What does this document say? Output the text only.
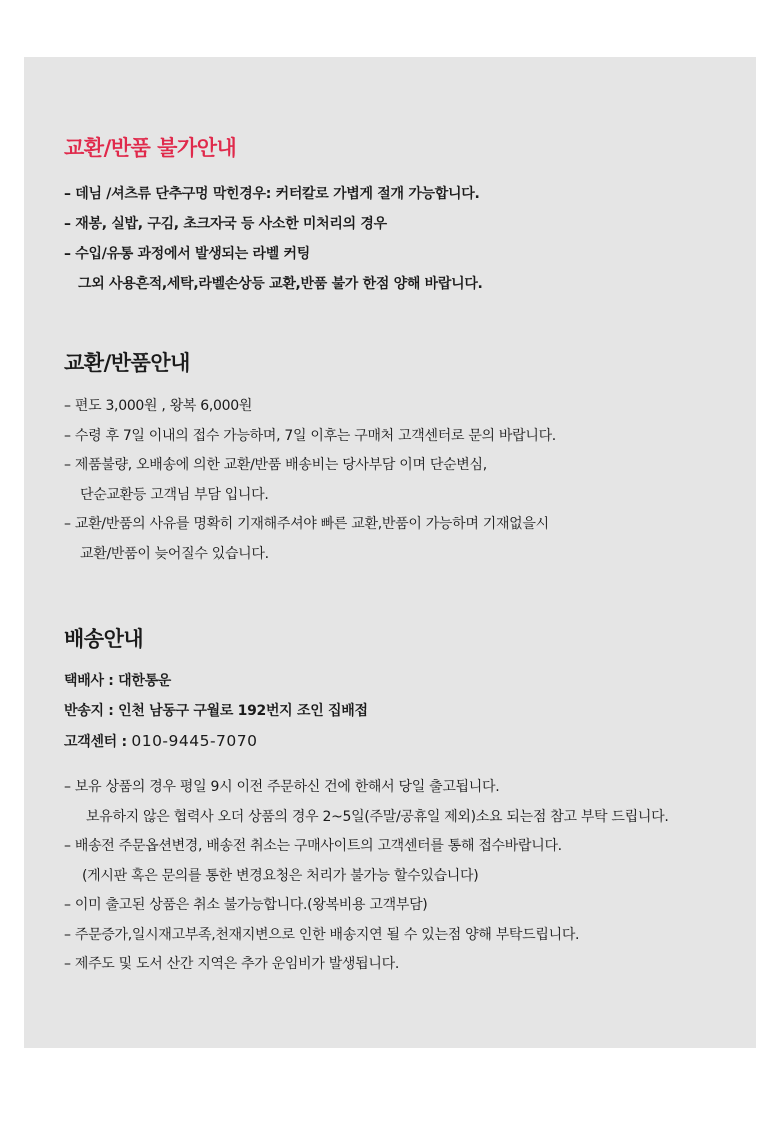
교환/반품 불가안내
– 데님 /셔츠류 단추구멍 막힌경우: 커터칼로 가볍게 절개 가능합니다.
– 재봉, 실밥, 구김, 초크자국 등 사소한 미처리의 경우
– 수입/유통 과정에서 발생되는 라벨 커팅
그외 사용흔적,세탁,라벨손상등 교환,반품 불가 한점 양해 바랍니다.
교환/반품안내
– 편도 3,000원 , 왕복 6,000원
– 수령 후 7일 이내의 접수 가능하며, 7일 이후는 구매처 고객센터로 문의 바랍니다.
– 제품불량, 오배송에 의한 교환/반품 배송비는 당사부담 이며 단순변심,
단순교환등 고객님 부담 입니다.
– 교환/반품의 사유를 명확히 기재해주셔야 빠른 교환,반품이 가능하며 기재없을시
교환/반품이 늦어질수 있습니다.
배송안내
택배사 : 대한통운
반송지 : 인천 남동구 구월로 192번지 조인 집배접
고객센터 : 010-9445-7070
– 보유 상품의 경우 평일 9시 이전 주문하신 건에 한해서 당일 출고됩니다.
보유하지 않은 협력사 오더 상품의 경우 2~5일(주말/공휴일 제외)소요 되는점 참고 부탁 드립니다.
– 배송전 주문옵션변경, 배송전 취소는 구매사이트의 고객센터를 통해 접수바랍니다.
(게시판 혹은 문의를 통한 변경요청은 처리가 불가능 할수있습니다)
– 이미 출고된 상품은 취소 불가능합니다.(왕복비용 고객부담)
– 주문증가,일시재고부족,천재지변으로 인한 배송지연 될 수 있는점 양해 부탁드립니다.
– 제주도 및 도서 산간 지역은 추가 운임비가 발생됩니다.
